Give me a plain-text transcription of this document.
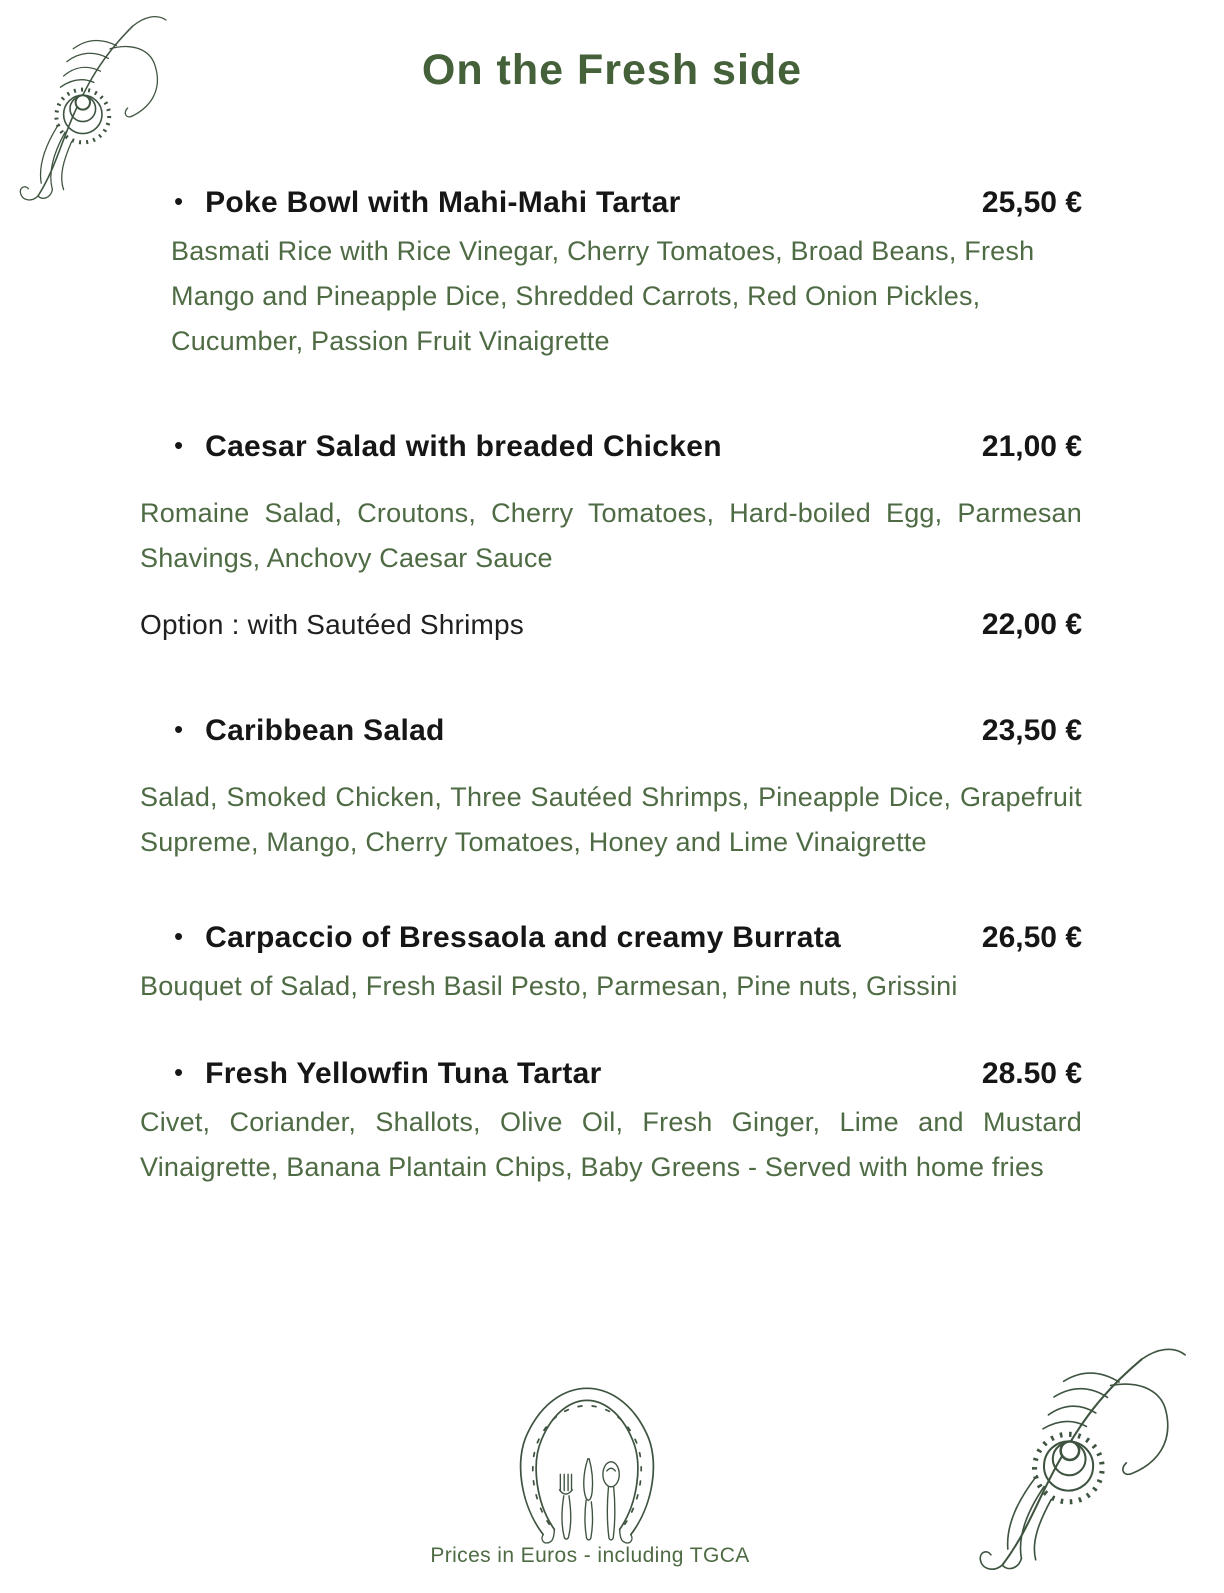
On the Fresh side
• Poke Bowl with Mahi-Mahi Tartar	25,50 €
Basmati Rice with Rice Vinegar, Cherry Tomatoes, Broad Beans, Fresh Mango and Pineapple Dice, Shredded Carrots, Red Onion Pickles, Cucumber, Passion Fruit Vinaigrette
• Caesar Salad with breaded Chicken	21,00 €
Romaine Salad, Croutons, Cherry Tomatoes, Hard-boiled Egg, Parmesan Shavings, Anchovy Caesar Sauce
Option : with Sautéed Shrimps	22,00 €
• Caribbean Salad	23,50 €
Salad, Smoked Chicken, Three Sautéed Shrimps, Pineapple Dice, Grapefruit Supreme, Mango, Cherry Tomatoes, Honey and Lime Vinaigrette
• Carpaccio of Bressaola and creamy Burrata	26,50 €
Bouquet of Salad, Fresh Basil Pesto, Parmesan, Pine nuts, Grissini
• Fresh Yellowfin Tuna Tartar	28.50 €
Civet, Coriander, Shallots, Olive Oil, Fresh Ginger, Lime and Mustard Vinaigrette, Banana Plantain Chips, Baby Greens - Served with home fries
Prices in Euros - including TGCA
